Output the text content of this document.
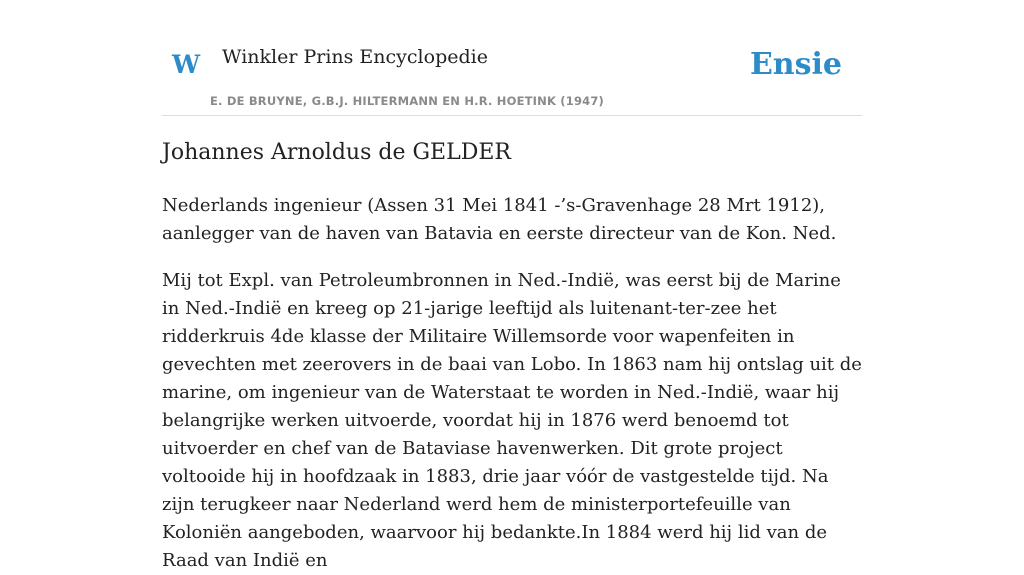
W Winkler Prins Encyclopedie
E. DE BRUYNE, G.B.J. HILTERMANN EN H.R. HOETINK (1947)
Ensie
Johannes Arnoldus de GELDER

Nederlands ingenieur (Assen 31 Mei 1841 -’s-Gravenhage 28 Mrt 1912), aanlegger van de haven van Batavia en eerste directeur van de Kon. Ned.

Mij tot Expl. van Petroleumbronnen in Ned.-Indië, was eerst bij de Marine in Ned.-Indië en kreeg op 21-jarige leeftijd als luitenant-ter-zee het ridderkruis 4de klasse der Militaire Willemsorde voor wapenfeiten in gevechten met zeerovers in de baai van Lobo. In 1863 nam hij ontslag uit de marine, om ingenieur van de Waterstaat te worden in Ned.-Indië, waar hij belangrijke werken uitvoerde, voordat hij in 1876 werd benoemd tot uitvoerder en chef van de Bataviase havenwerken. Dit grote project voltooide hij in hoofdzaak in 1883, drie jaar vóór de vastgestelde tijd. Na zijn terugkeer naar Nederland werd hem de ministerportefeuille van Koloniën aangeboden, waarvoor hij bedankte.In 1884 werd hij lid van de Raad van Indië en
